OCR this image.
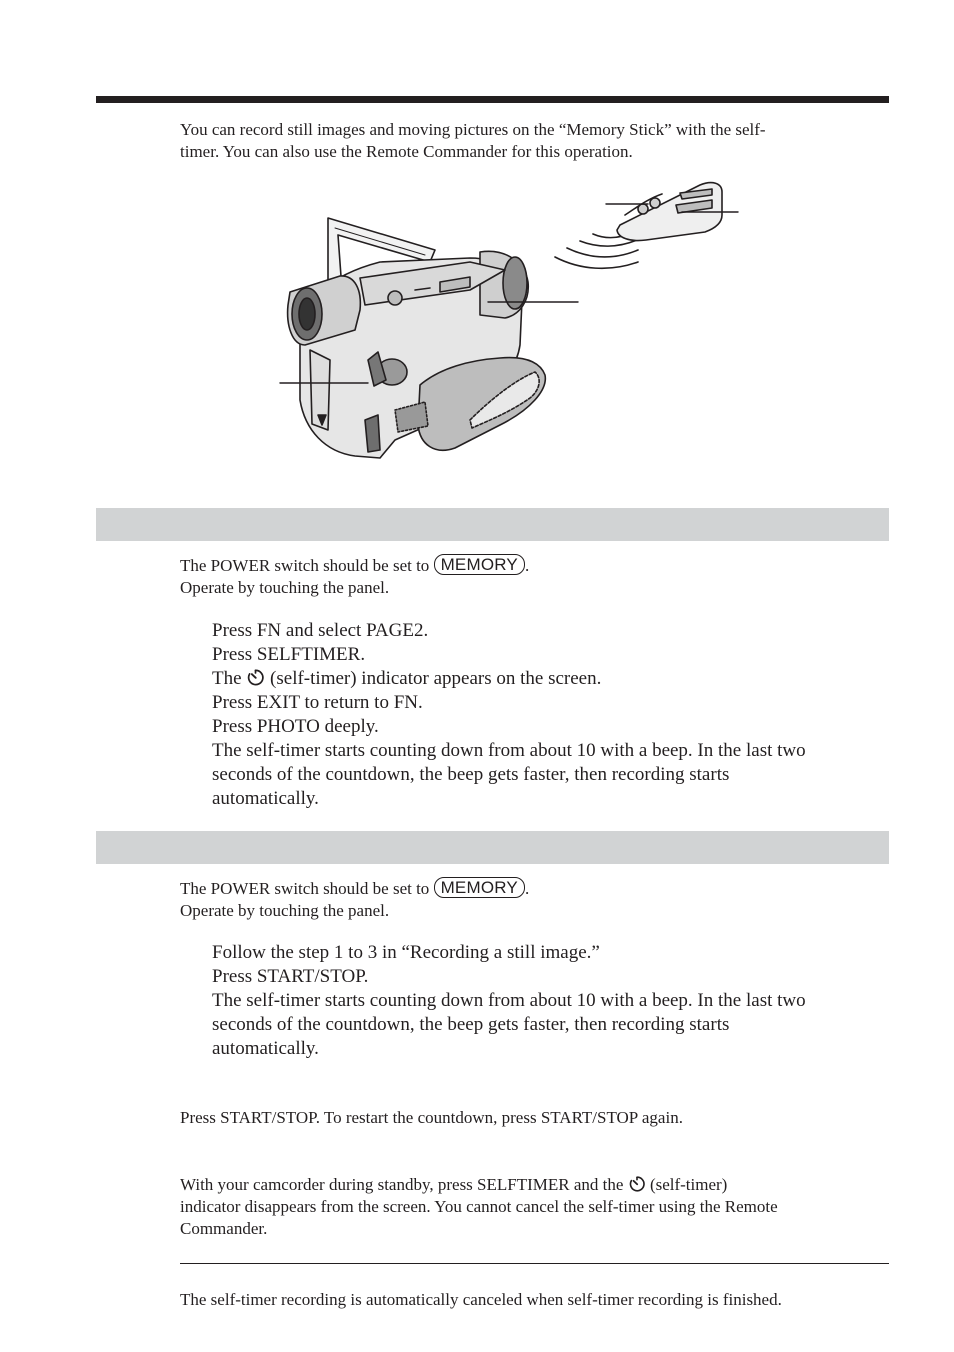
You can record still images and moving pictures on the “Memory Stick” with the self-
timer. You can also use the Remote Commander for this operation.
The POWER switch should be set to MEMORY .
Operate by touching the panel.
Press FN and select PAGE2.
Press SELFTIMER.
The (self-timer) indicator appears on the screen.
Press EXIT to return to FN.
Press PHOTO deeply.
The self-timer starts counting down from about 10 with a beep. In the last two
seconds of the countdown, the beep gets faster, then recording starts
automatically.
The POWER switch should be set to MEMORY .
Operate by touching the panel.
Follow the step 1 to 3 in “Recording a still image.”
Press START/STOP.
The self-timer starts counting down from about 10 with a beep. In the last two
seconds of the countdown, the beep gets faster, then recording starts
automatically.
Press START/STOP. To restart the countdown, press START/STOP again.
With your camcorder during standby, press SELFTIMER and the (self-timer)
indicator disappears from the screen. You cannot cancel the self-timer using the Remote
Commander.
The self-timer recording is automatically canceled when self-timer recording is finished.
